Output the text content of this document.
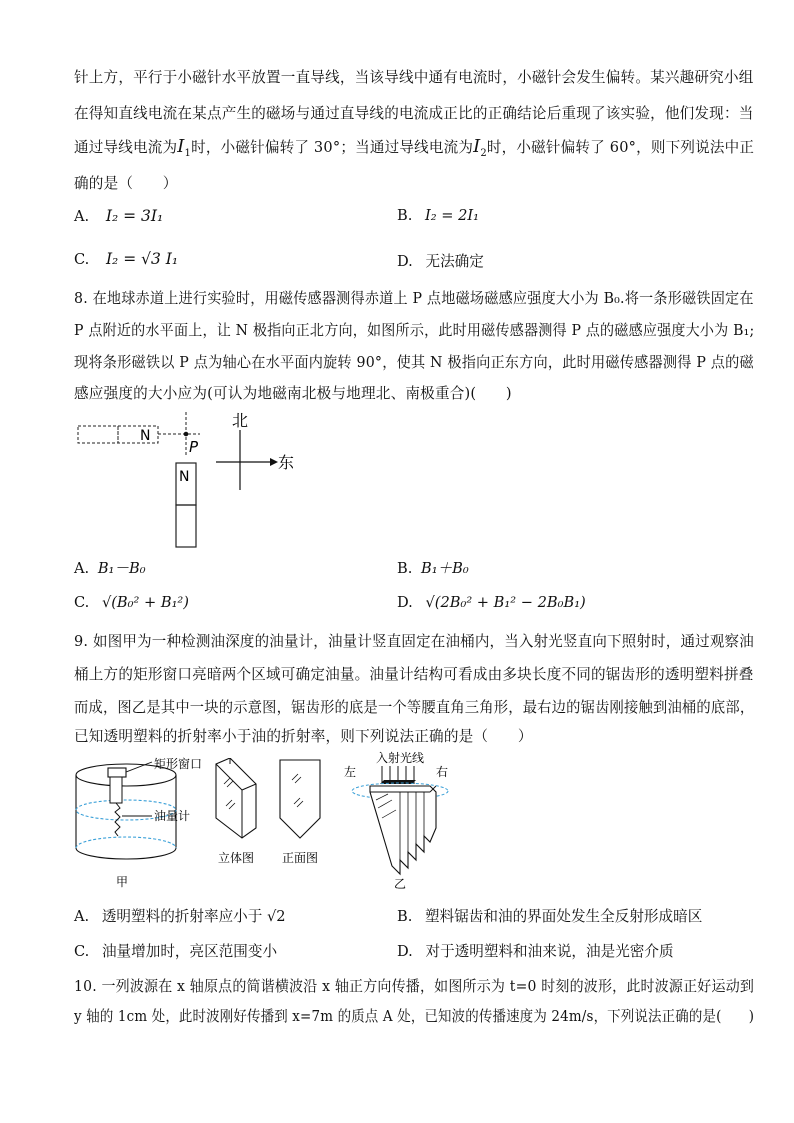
针上方，平行于小磁针水平放置一直导线，当该导线中通有电流时，小磁针会发生偏转。某兴趣研究小组
在得知直线电流在某点产生的磁场与通过直导线的电流成正比的正确结论后重现了该实验，他们发现：当
通过导线电流为$I_1$时，小磁针偏转了 30°；当通过导线电流为$I_2$时，小磁针偏转了 60°，则下列说法中正
确的是（　　）
A. I₂ = 3I₁	B. I₂ = 2I₁
C. I₂ = √3 I₁	D. 无法确定
8. 在地球赤道上进行实验时，用磁传感器测得赤道上 P 点地磁场磁感应强度大小为 B₀.将一条形磁铁固定在
P 点附近的水平面上，让 N 极指向正北方向，如图所示，此时用磁传感器测得 P 点的磁感应强度大小为 B₁;
现将条形磁铁以 P 点为轴心在水平面内旋转 90°，使其 N 极指向正东方向，此时用磁传感器测得 P 点的磁
感应强度的大小应为(可认为地磁南北极与地理北、南极重合)(　　)
N
P
N
北
东
A. B₁－B₀	B. B₁＋B₀
C. √(B₀² + B₁²)	D. √(2B₀² + B₁² − 2B₀B₁)
9. 如图甲为一种检测油深度的油量计，油量计竖直固定在油桶内，当入射光竖直向下照射时，通过观察油
桶上方的矩形窗口亮暗两个区域可确定油量。油量计结构可看成由多块长度不同的锯齿形的透明塑料拼叠
而成，图乙是其中一块的示意图，锯齿形的底是一个等腰直角三角形，最右边的锯齿刚接触到油桶的底部，
已知透明塑料的折射率小于油的折射率，则下列说法正确的是（　　）
矩形窗口
油量计
甲
立体图 正面图
入射光线
左	右
乙
A. 透明塑料的折射率应小于 √2	B. 塑料锯齿和油的界面处发生全反射形成暗区
C. 油量增加时，亮区范围变小	D. 对于透明塑料和油来说，油是光密介质
10. 一列波源在 x 轴原点的简谐横波沿 x 轴正方向传播，如图所示为 t=0 时刻的波形，此时波源正好运动到
y 轴的 1cm 处，此时波刚好传播到 x=7m 的质点 A 处，已知波的传播速度为 24m/s，下列说法正确的是(　　)
